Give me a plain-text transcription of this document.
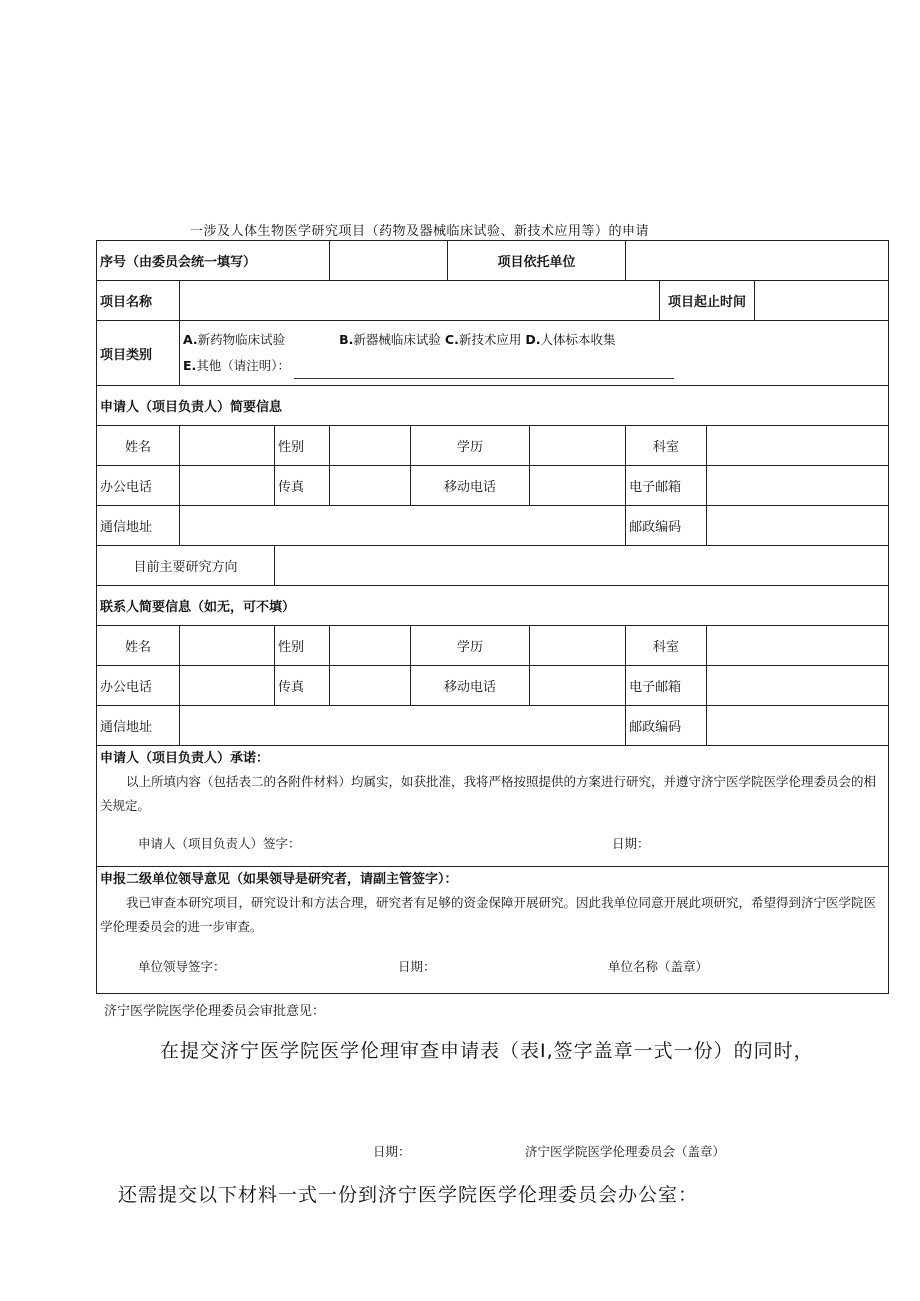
一涉及人体生物医学研究项目（药物及器械临床试验、新技术应用等）的申请
序号（由委员会统一填写）					项目依托单位					
项目名称								项目起止时间		
项目类别	A.新药物临床试验 B.新器械临床试验 C.新技术应用 D.人体标本收集
E.其他（请注明）：									

申请人（项目负责人）简要信息										
姓名		性别		学历			科室			
办公电话		传真		移动电话			电子邮箱			
通信地址							邮政编码			
目前主要研究方向										
联系人简要信息（如无，可不填）										
姓名		性别		学历			科室			
办公电话		传真		移动电话			电子邮箱			
通信地址							邮政编码			

申请人（项目负责人）承诺：
以上所填内容（包括表二的各附件材料）均属实，如获批准，我将严格按照提供的方案进行研究，并遵守济宁医学院医学伦理委员会的相关规定。
申请人（项目负责人）签字： 日期：										

申报二级单位领导意见（如果领导是研究者，请副主管签字）：
我已审查本研究项目，研究设计和方法合理，研究者有足够的资金保障开展研究。因此我单位同意开展此项研究，希望得到济宁医学院医学伦理委员会的进一步审查。
单位领导签字： 日期： 单位名称（盖章）										
济宁医学院医学伦理委员会审批意见：
在提交济宁医学院医学伦理审查申请表（表Ⅰ,签字盖章一式一份）的同时，
日期：	济宁医学院医学伦理委员会（盖章）
还需提交以下材料一式一份到济宁医学院医学伦理委员会办公室：
